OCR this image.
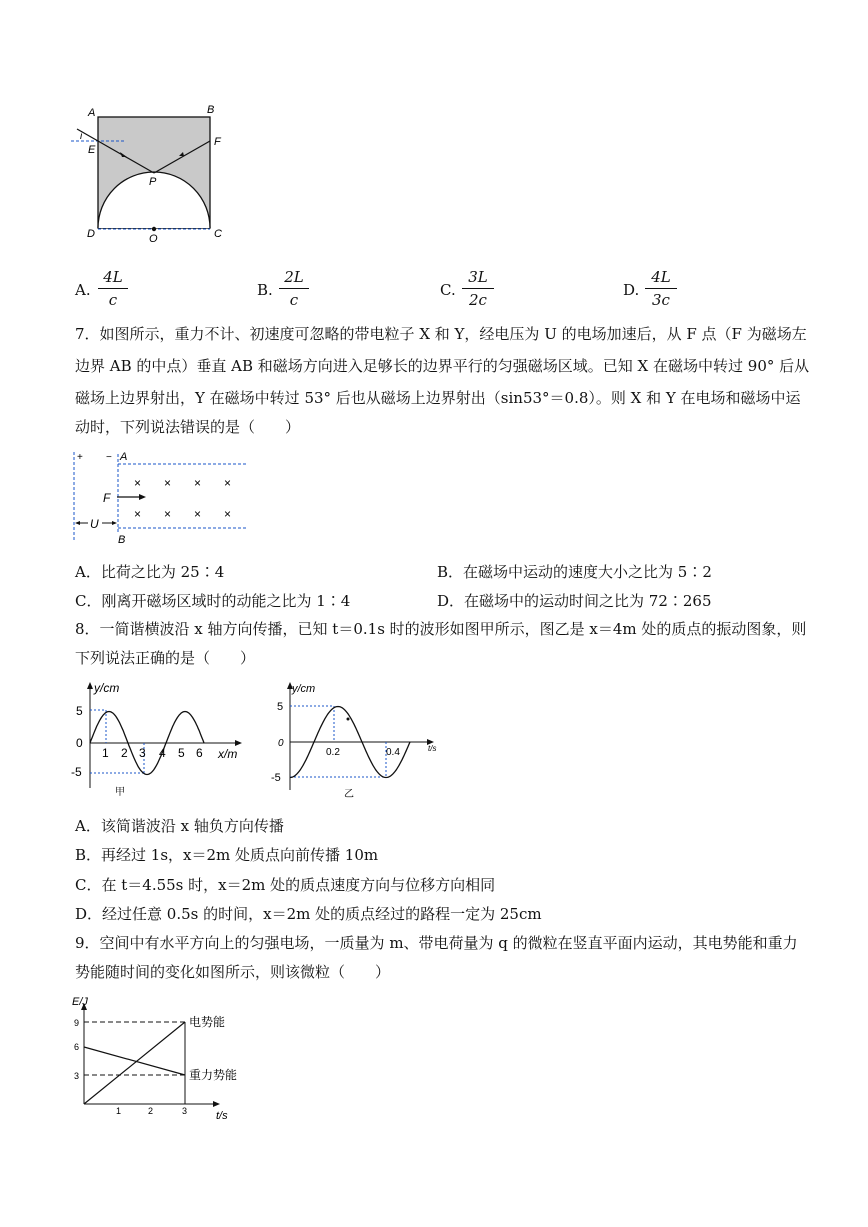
A	B
C
D
E
F
P
O
i
A.
4L
c
B.
2L
c
C.
3L
2c
D.
4L
3c
7．如图所示，重力不计、初速度可忽略的带电粒子 X 和 Y，经电压为 U 的电场加速后，从 F 点（F 为磁场左
边界 AB 的中点）垂直 AB 和磁场方向进入足够长的边界平行的匀强磁场区域。已知 X 在磁场中转过 90° 后从
磁场上边界射出，Y 在磁场中转过 53° 后也从磁场上边界射出（sin53°＝0.8）。则 X 和 Y 在电场和磁场中运
动时，下列说法错误的是（　　）
+ − A
B
F
U
× × × ×
× × × ×
A．比荷之比为 25∶4	B．在磁场中运动的速度大小之比为 5∶2
C．刚离开磁场区域时的动能之比为 1∶4	D．在磁场中的运动时间之比为 72∶265
8．一简谐横波沿 x 轴方向传播，已知 t＝0.1s 时的波形如图甲所示，图乙是 x＝4m 处的质点的振动图象，则
下列说法正确的是（　　）
y/cm
x/m
5
0
-5
1 2 3 4 5 6
甲
y/cm
t/s
5
0
-5
0.2	0.4
乙
A．该简谐波沿 x 轴负方向传播
B．再经过 1s，x＝2m 处质点向前传播 10m
C．在 t＝4.55s 时，x＝2m 处的质点速度方向与位移方向相同
D．经过任意 0.5s 的时间，x＝2m 处的质点经过的路程一定为 25cm
9．空间中有水平方向上的匀强电场，一质量为 m、带电荷量为 q 的微粒在竖直平面内运动，其电势能和重力
势能随时间的变化如图所示，则该微粒（　　）
E/J
t/s
9
6
3
1	2	3
电势能
重力势能
